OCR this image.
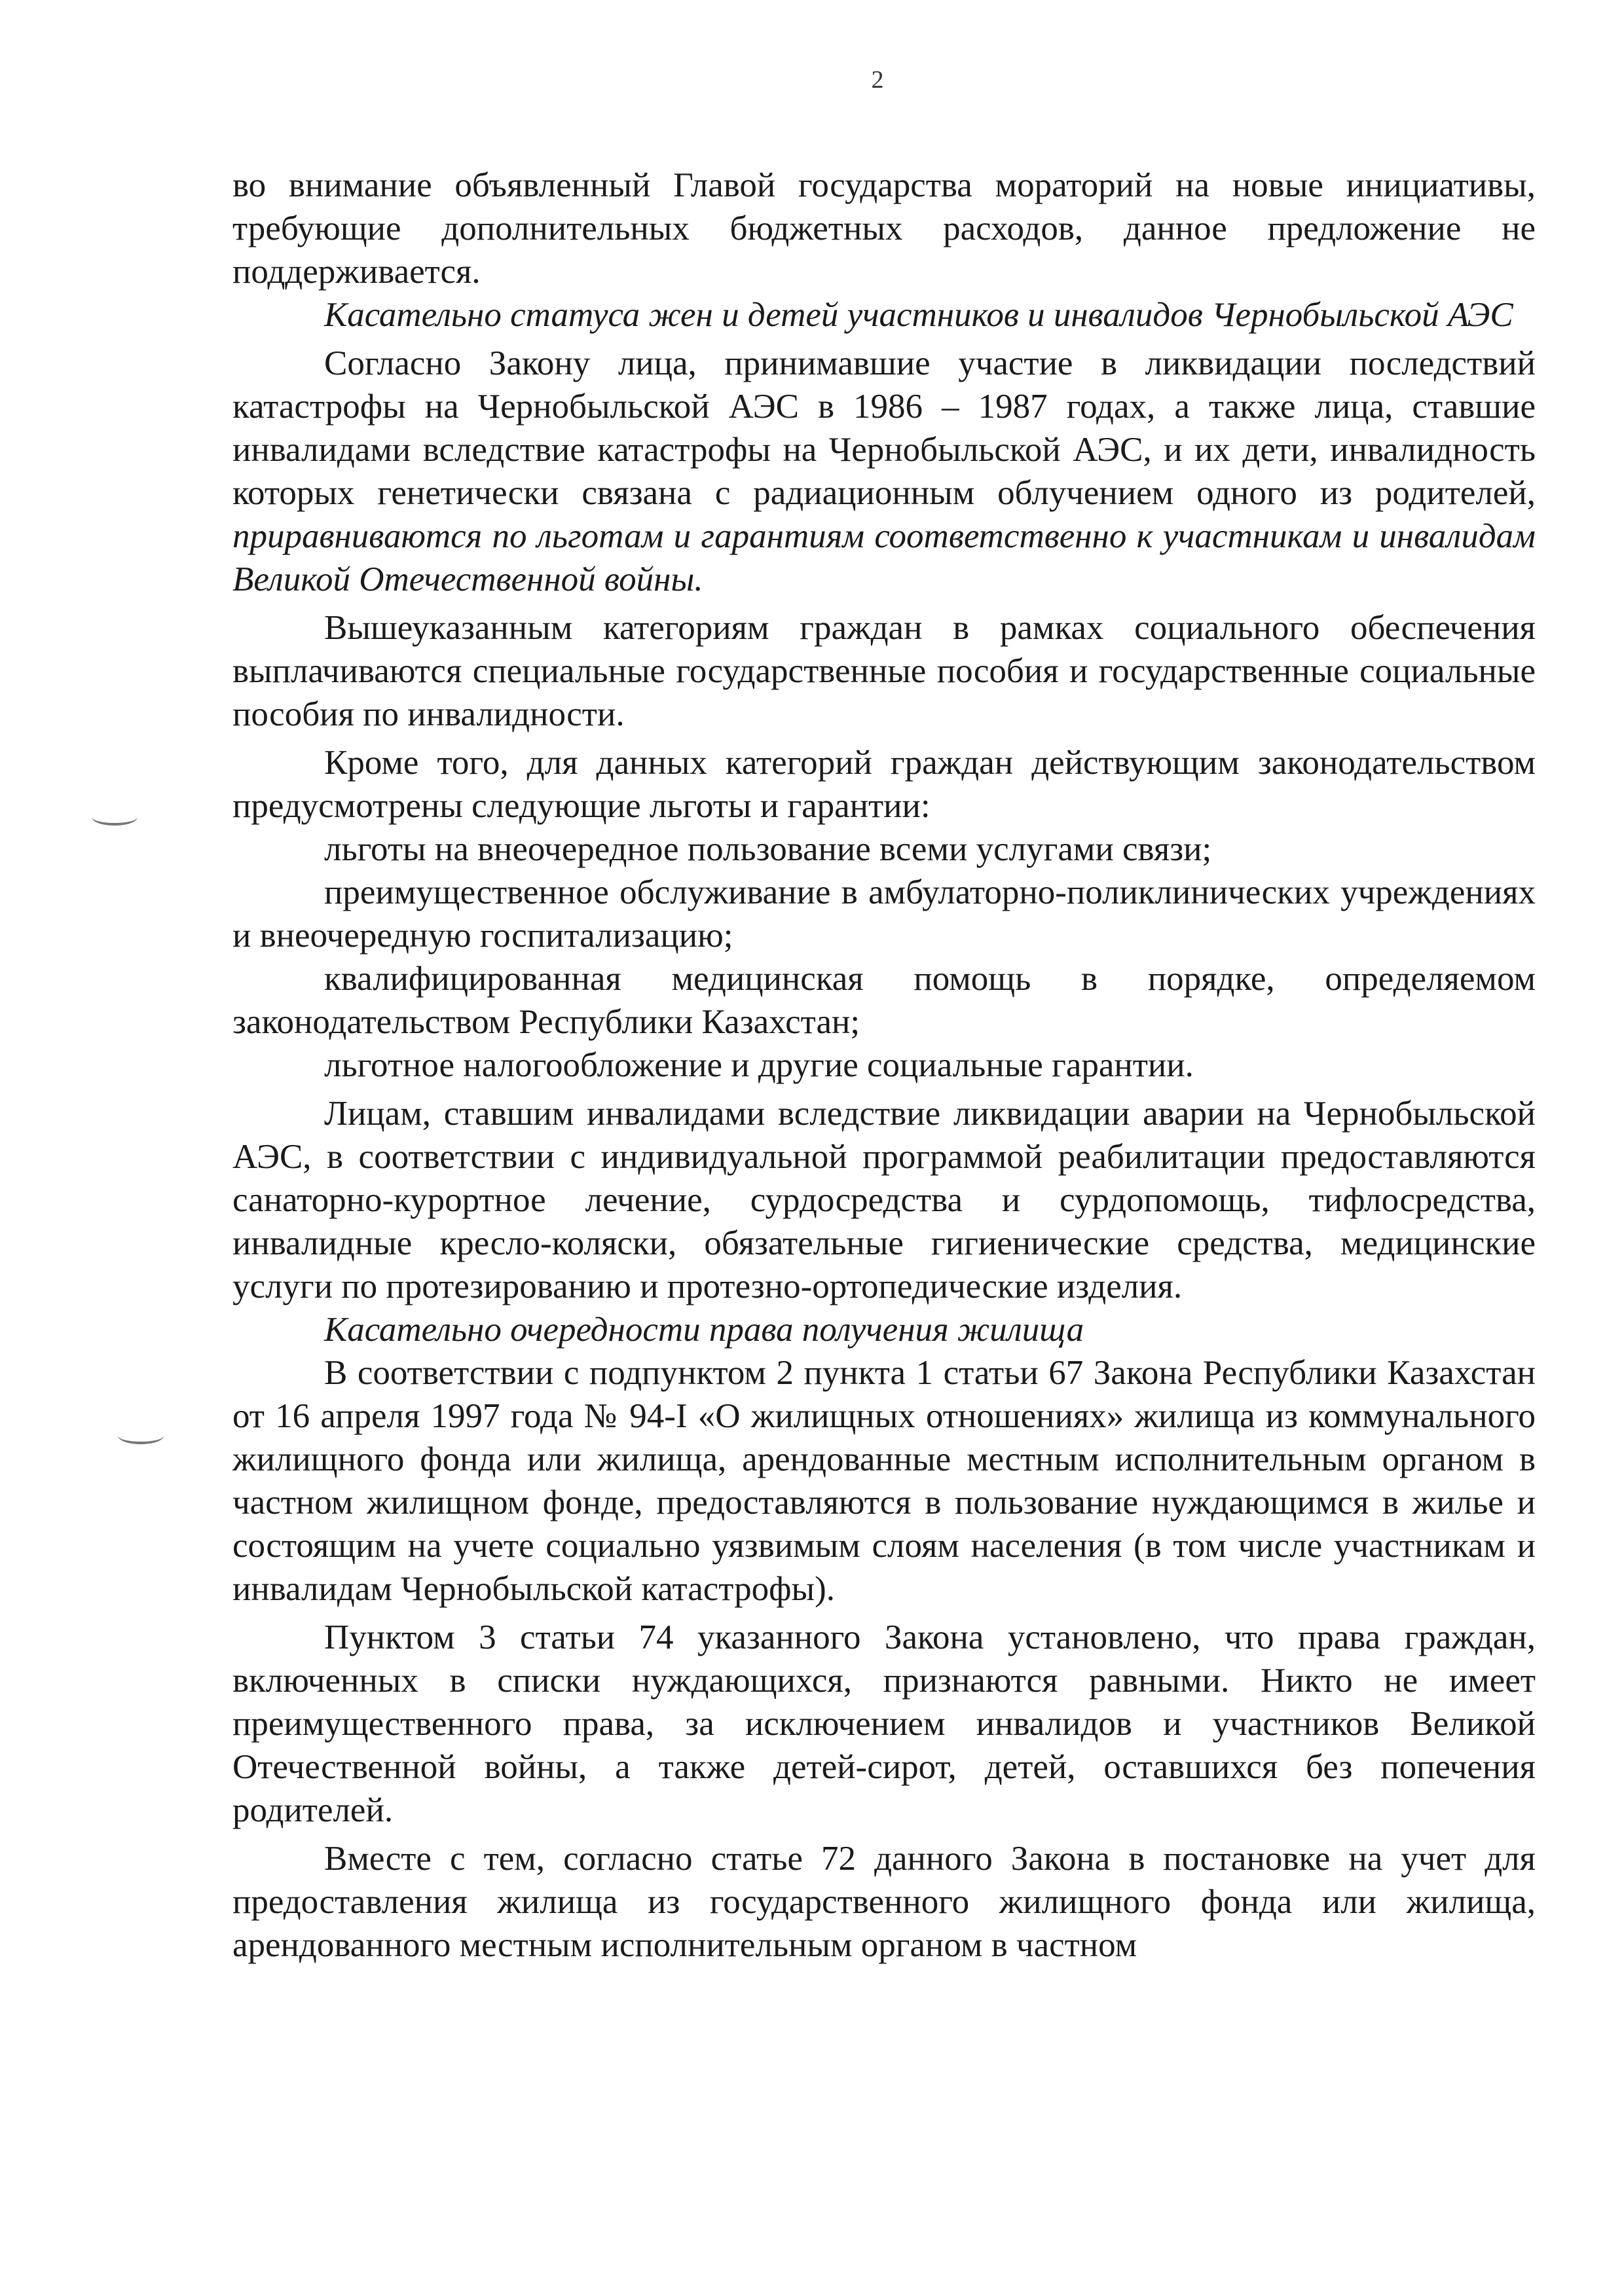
2

во внимание объявленный Главой государства мораторий на новые инициативы, требующие дополнительных бюджетных расходов, данное предложение не поддерживается.

Касательно статуса жен и детей участников и инвалидов Чернобыльской АЭС

Согласно Закону лица, принимавшие участие в ликвидации последствий катастрофы на Чернобыльской АЭС в 1986 – 1987 годах, а также лица, ставшие инвалидами вследствие катастрофы на Чернобыльской АЭС, и их дети, инвалидность которых генетически связана с радиационным облучением одного из родителей, приравниваются по льготам и гарантиям соответственно к участникам и инвалидам Великой Отечественной войны.

Вышеуказанным категориям граждан в рамках социального обеспечения выплачиваются специальные государственные пособия и государственные социальные пособия по инвалидности.

Кроме того, для данных категорий граждан действующим законодательством предусмотрены следующие льготы и гарантии:

льготы на внеочередное пользование всеми услугами связи;

преимущественное обслуживание в амбулаторно-поликлинических учреждениях и внеочередную госпитализацию;

квалифицированная медицинская помощь в порядке, определяемом законодательством Республики Казахстан;

льготное налогообложение и другие социальные гарантии.

Лицам, ставшим инвалидами вследствие ликвидации аварии на Чернобыльской АЭС, в соответствии с индивидуальной программой реабилитации предоставляются санаторно-курортное лечение, сурдосредства и сурдопомощь, тифлосредства, инвалидные кресло-коляски, обязательные гигиенические средства, медицинские услуги по протезированию и протезно-ортопедические изделия.

Касательно очередности права получения жилища

В соответствии с подпунктом 2 пункта 1 статьи 67 Закона Республики Казахстан от 16 апреля 1997 года № 94-I «О жилищных отношениях» жилища из коммунального жилищного фонда или жилища, арендованные местным исполнительным органом в частном жилищном фонде, предоставляются в пользование нуждающимся в жилье и состоящим на учете социально уязвимым слоям населения (в том числе участникам и инвалидам Чернобыльской катастрофы).

Пунктом 3 статьи 74 указанного Закона установлено, что права граждан, включенных в списки нуждающихся, признаются равными. Никто не имеет преимущественного права, за исключением инвалидов и участников Великой Отечественной войны, а также детей-сирот, детей, оставшихся без попечения родителей.

Вместе с тем, согласно статье 72 данного Закона в постановке на учет для предоставления жилища из государственного жилищного фонда или жилища, арендованного местным исполнительным органом в частном
